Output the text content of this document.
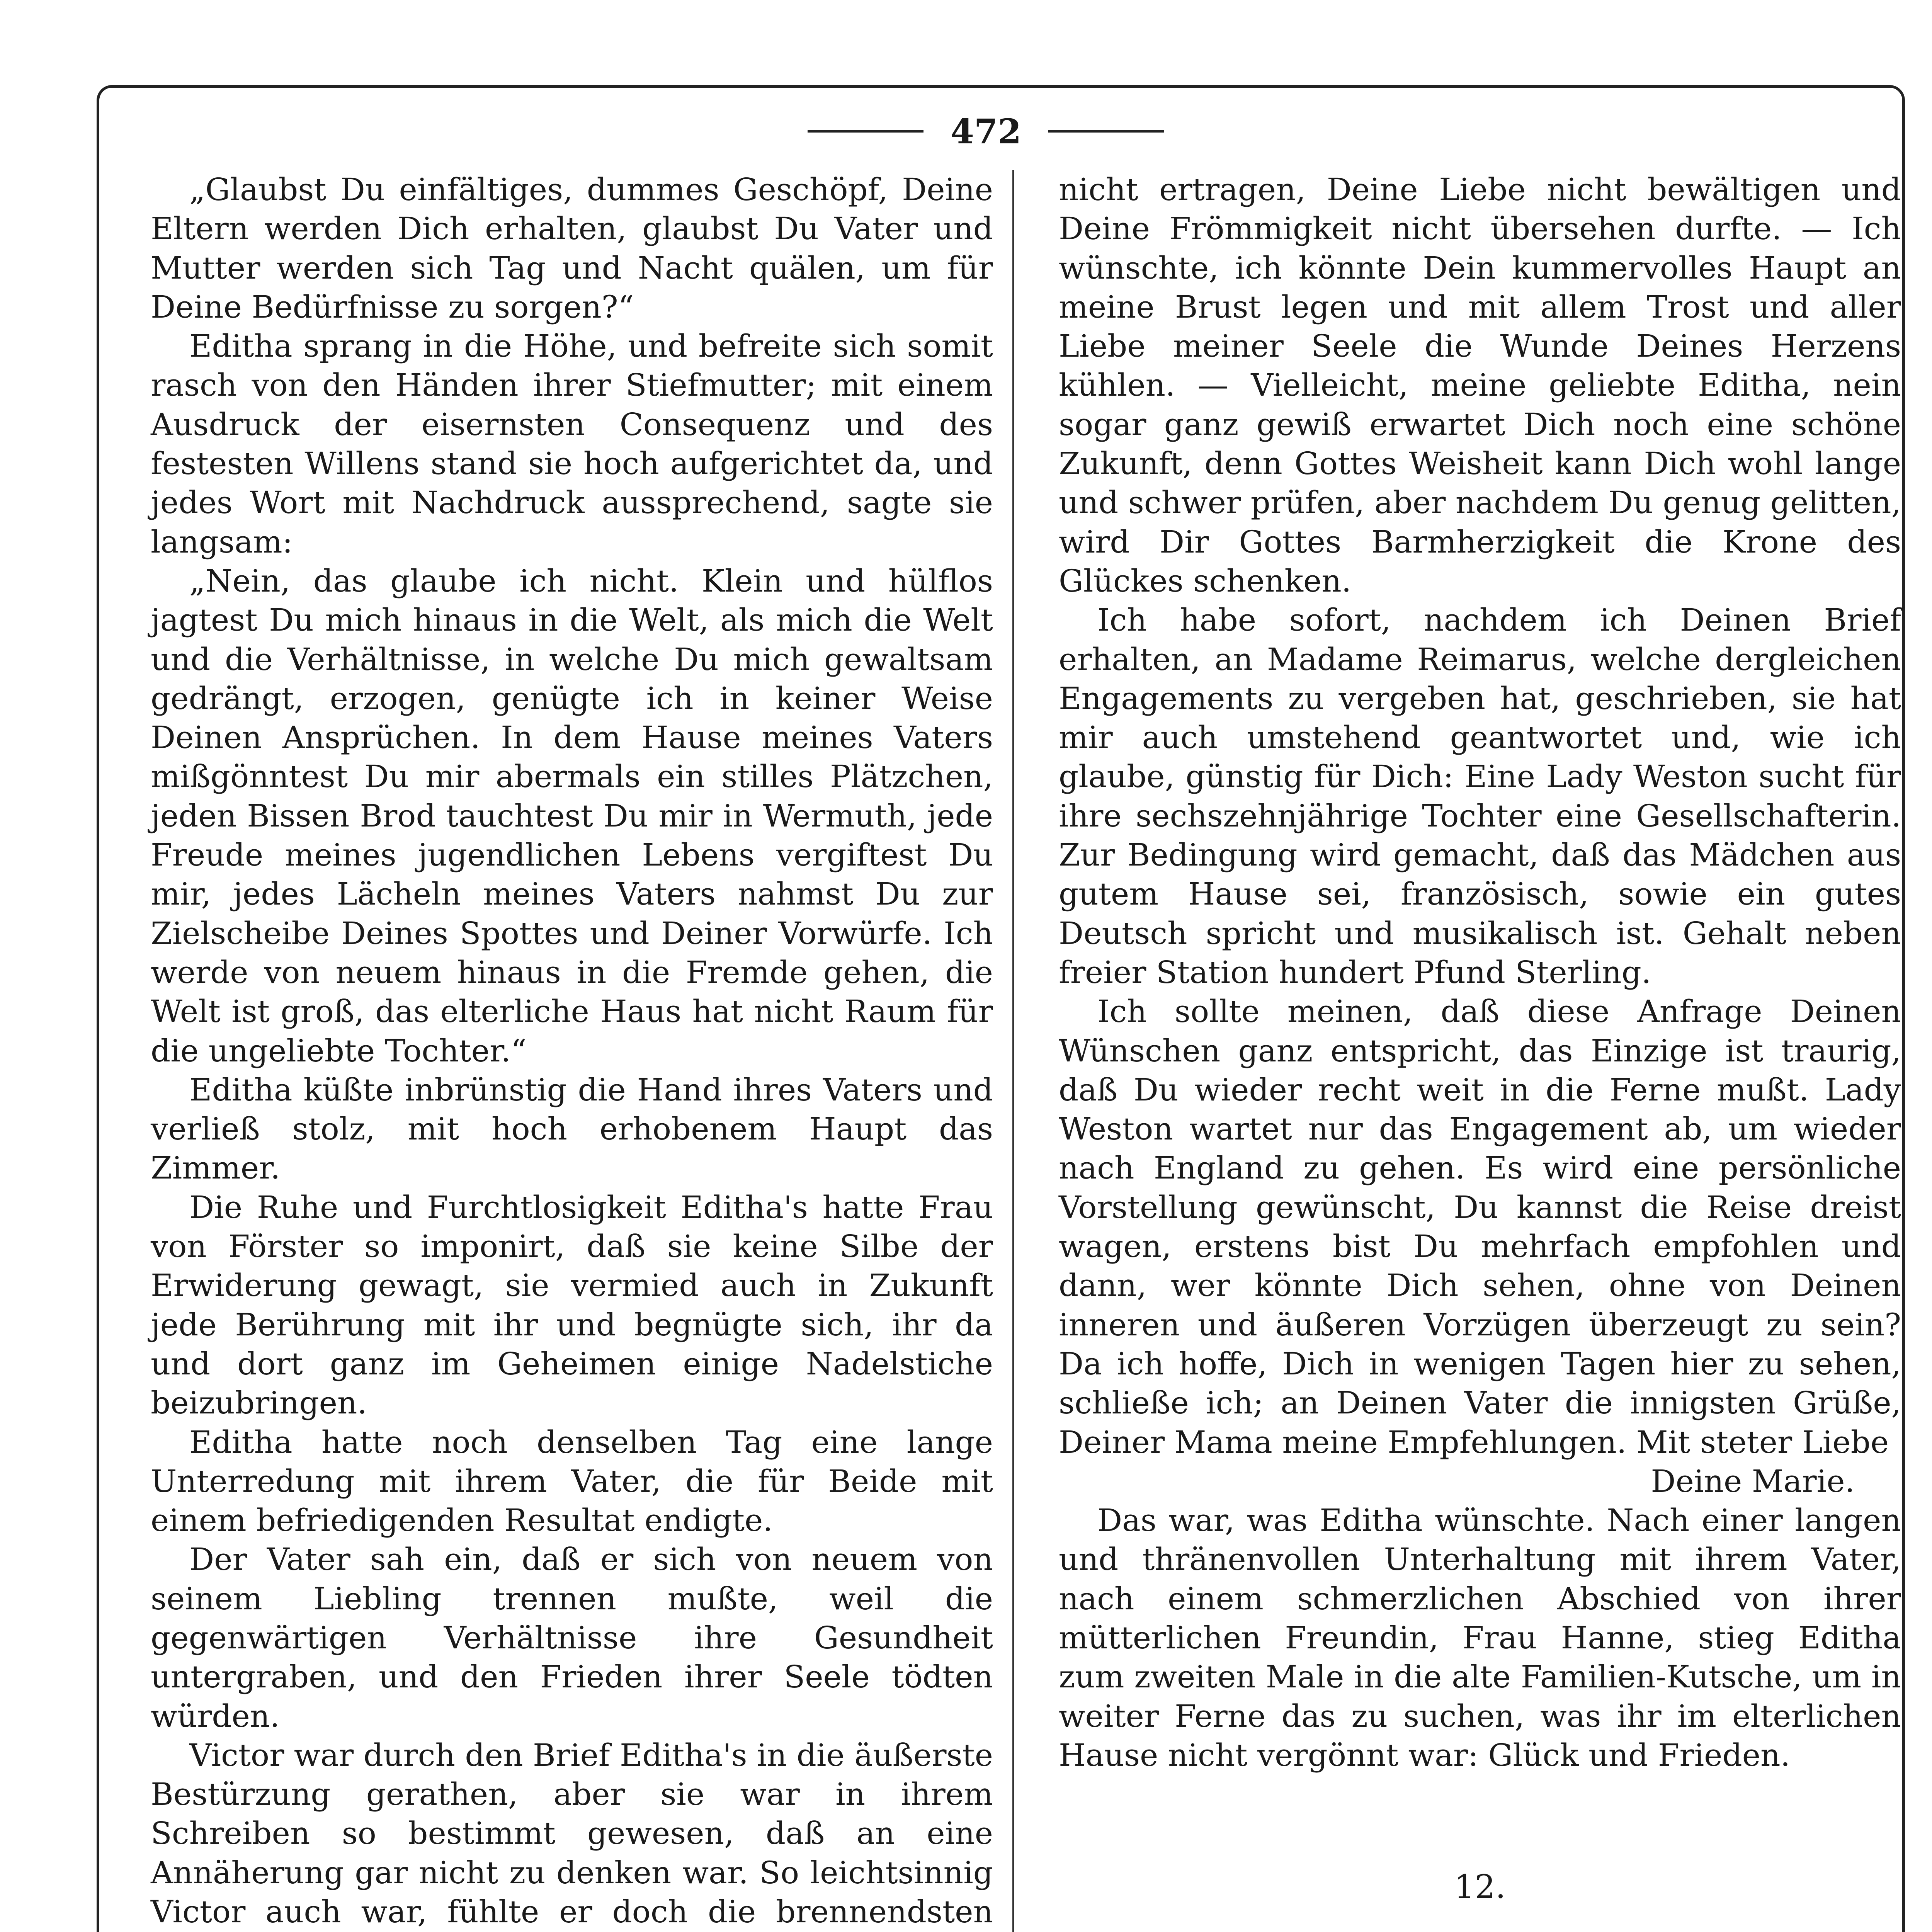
472

„Glaubst Du einfältiges, dummes Geschöpf, Deine Eltern werden Dich erhalten, glaubst Du Vater und Mutter werden sich Tag und Nacht quälen, um für Deine Bedürfnisse zu sorgen?“

Editha sprang in die Höhe, und befreite sich somit rasch von den Händen ihrer Stiefmutter; mit einem Ausdruck der eisernsten Consequenz und des festesten Willens stand sie hoch aufgerichtet da, und jedes Wort mit Nachdruck aussprechend, sagte sie langsam:

„Nein, das glaube ich nicht. Klein und hülflos jagtest Du mich hinaus in die Welt, als mich die Welt und die Verhältnisse, in welche Du mich gewaltsam gedrängt, erzogen, genügte ich in keiner Weise Deinen Ansprüchen. In dem Hause meines Vaters mißgönntest Du mir abermals ein stilles Plätzchen, jeden Bissen Brod tauchtest Du mir in Wermuth, jede Freude meines jugendlichen Lebens vergiftest Du mir, jedes Lächeln meines Vaters nahmst Du zur Zielscheibe Deines Spottes und Deiner Vorwürfe. Ich werde von neuem hinaus in die Fremde gehen, die Welt ist groß, das elterliche Haus hat nicht Raum für die ungeliebte Tochter.“

Editha küßte inbrünstig die Hand ihres Vaters und verließ stolz, mit hoch erhobenem Haupt das Zimmer.

Die Ruhe und Furchtlosigkeit Editha's hatte Frau von Förster so imponirt, daß sie keine Silbe der Erwiderung gewagt, sie vermied auch in Zukunft jede Berührung mit ihr und begnügte sich, ihr da und dort ganz im Geheimen einige Nadelstiche beizubringen.

Editha hatte noch denselben Tag eine lange Unterredung mit ihrem Vater, die für Beide mit einem befriedigenden Resultat endigte.

Der Vater sah ein, daß er sich von neuem von seinem Liebling trennen mußte, weil die gegenwärtigen Verhältnisse ihre Gesundheit untergraben, und den Frieden ihrer Seele tödten würden.

Victor war durch den Brief Editha's in die äußerste Bestürzung gerathen, aber sie war in ihrem Schreiben so bestimmt gewesen, daß an eine Annäherung gar nicht zu denken war. So leichtsinnig Victor auch war, fühlte er doch die brennendsten

nicht ertragen, Deine Liebe nicht bewältigen und Deine Frömmigkeit nicht übersehen durfte. — Ich wünschte, ich könnte Dein kummervolles Haupt an meine Brust legen und mit allem Trost und aller Liebe meiner Seele die Wunde Deines Herzens kühlen. — Vielleicht, meine geliebte Editha, nein sogar ganz gewiß erwartet Dich noch eine schöne Zukunft, denn Gottes Weisheit kann Dich wohl lange und schwer prüfen, aber nachdem Du genug gelitten, wird Dir Gottes Barmherzigkeit die Krone des Glückes schenken.

Ich habe sofort, nachdem ich Deinen Brief erhalten, an Madame Reimarus, welche dergleichen Engagements zu vergeben hat, geschrieben, sie hat mir auch umstehend geantwortet und, wie ich glaube, günstig für Dich: Eine Lady Weston sucht für ihre sechszehnjährige Tochter eine Gesellschafterin. Zur Bedingung wird gemacht, daß das Mädchen aus gutem Hause sei, französisch, sowie ein gutes Deutsch spricht und musikalisch ist. Gehalt neben freier Station hundert Pfund Sterling.

Ich sollte meinen, daß diese Anfrage Deinen Wünschen ganz entspricht, das Einzige ist traurig, daß Du wieder recht weit in die Ferne mußt. Lady Weston wartet nur das Engagement ab, um wieder nach England zu gehen. Es wird eine persönliche Vorstellung gewünscht, Du kannst die Reise dreist wagen, erstens bist Du mehrfach empfohlen und dann, wer könnte Dich sehen, ohne von Deinen inneren und äußeren Vorzügen überzeugt zu sein? Da ich hoffe, Dich in wenigen Tagen hier zu sehen, schließe ich; an Deinen Vater die innigsten Grüße, Deiner Mama meine Empfehlungen. Mit steter Liebe

Deine Marie.

Das war, was Editha wünschte. Nach einer langen und thränenvollen Unterhaltung mit ihrem Vater, nach einem schmerzlichen Abschied von ihrer mütterlichen Freundin, Frau Hanne, stieg Editha zum zweiten Male in die alte Familien-Kutsche, um in weiter Ferne das zu suchen, was ihr im elterlichen Hause nicht vergönnt war: Glück und Frieden.

12.
